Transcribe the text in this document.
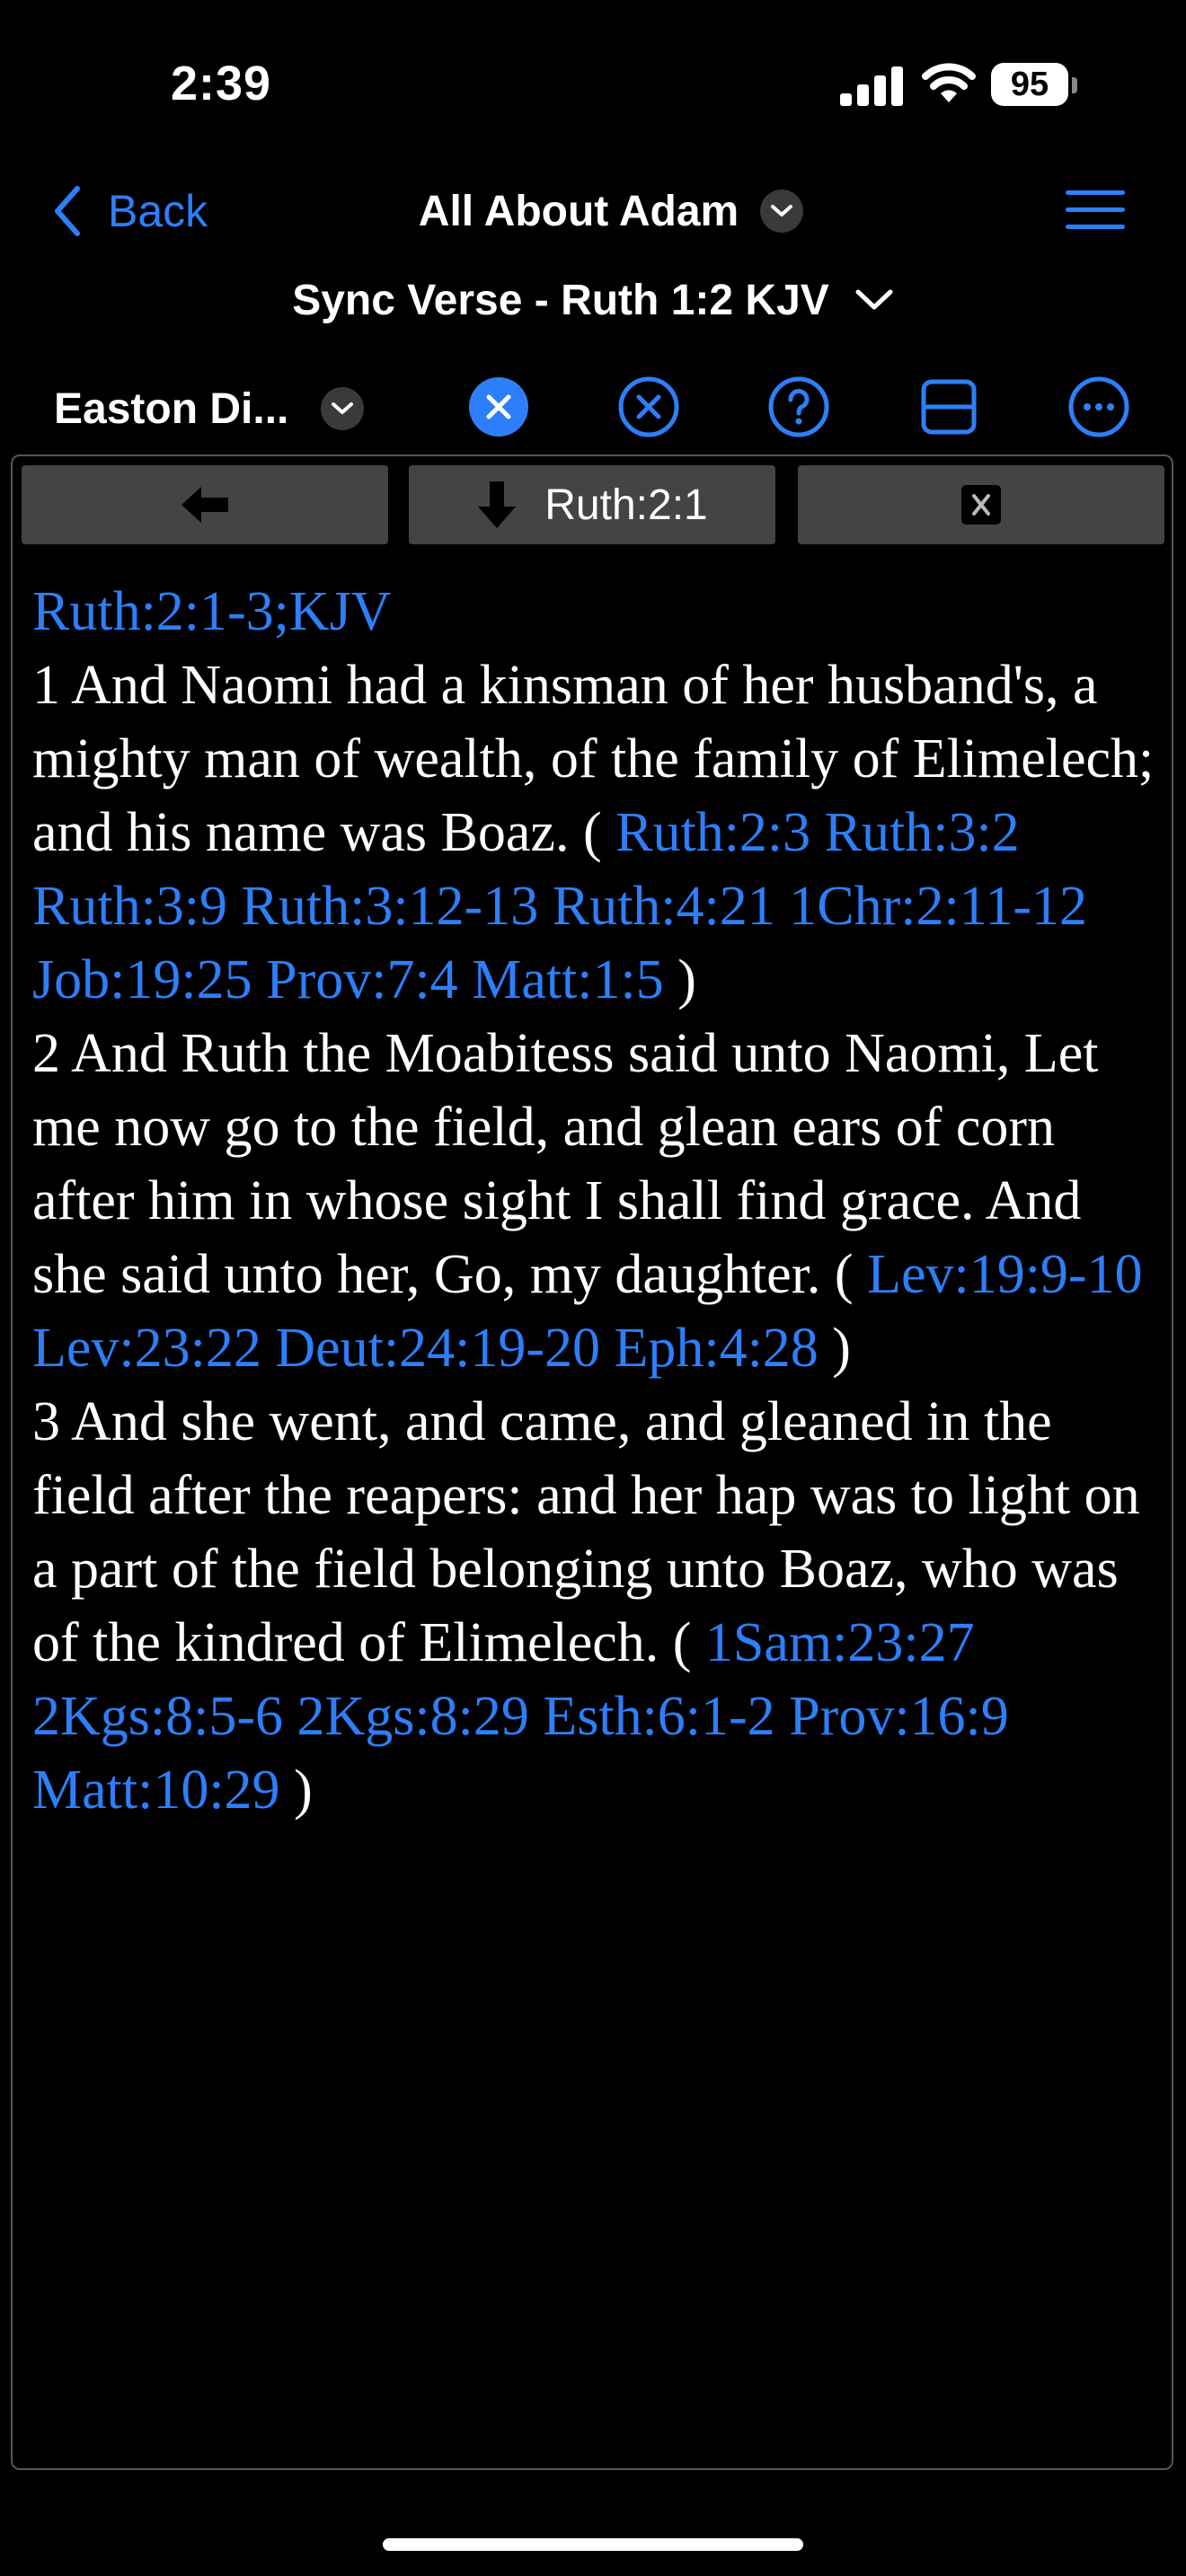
2:39	95
Back	All About Adam
Sync Verse - Ruth 1:2 KJV
Easton Di...
Ruth:2:1
Ruth:2:1-3;KJV
1 And Naomi had a kinsman of her husband's, a mighty man of wealth, of the family of Elimelech; and his name was Boaz. ( Ruth:2:3 Ruth:3:2 Ruth:3:9 Ruth:3:12-13 Ruth:4:21 1Chr:2:11-12 Job:19:25 Prov:7:4 Matt:1:5 )
2 And Ruth the Moabitess said unto Naomi, Let me now go to the field, and glean ears of corn after him in whose sight I shall find grace. And she said unto her, Go, my daughter. ( Lev:19:9-10 Lev:23:22 Deut:24:19-20 Eph:4:28 )
3 And she went, and came, and gleaned in the field after the reapers: and her hap was to light on a part of the field belonging unto Boaz, who was of the kindred of Elimelech. ( 1Sam:23:27 2Kgs:8:5-6 2Kgs:8:29 Esth:6:1-2 Prov:16:9 Matt:10:29 )
